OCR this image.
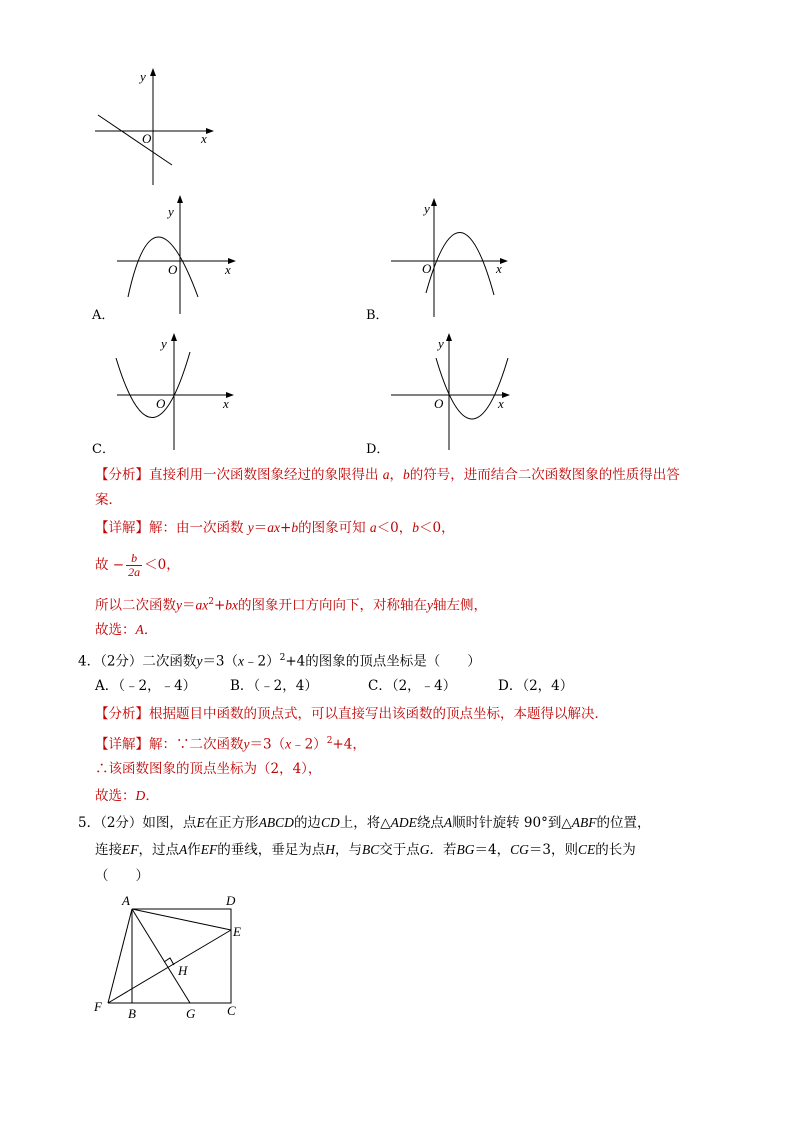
y
x
O
y
x
O
A．
y
x
O
B．
y
x
O
C．
y
x
O
D．
【分析】直接利用一次函数图象经过的象限得出 a，b的符号，进而结合二次函数图象的性质得出答
案．
【详解】解：由一次函数 y＝ax+b的图象可知 a＜0，b＜0，
故 − $\frac{b}{2a} <0$，
所以二次函数$y=ax^2+bx$的图象开口方向向下，对称轴在y轴左侧，
故选：A．
4．（2分）二次函数y＝3（x﹣2）$^2$+4的图象的顶点坐标是（　　）
A．（﹣2，﹣4）	B．（﹣2，4）	C．（2，﹣4）	D．（2，4）
【分析】根据题目中函数的顶点式，可以直接写出该函数的顶点坐标，本题得以解决．
【详解】解：∵二次函数y＝3（x﹣2）$^2$+4，
∴该函数图象的顶点坐标为（2，4），
故选：D．
5．（2分）如图，点E在正方形ABCD的边CD上，将△ADE绕点A顺时针旋转 90°到△ABF的位置，
连接EF，过点A作EF的垂线，垂足为点H，与BC交于点G．若BG＝4，CG＝3，则CE的长为
（　　）
A	D
E
H
F B	G C
